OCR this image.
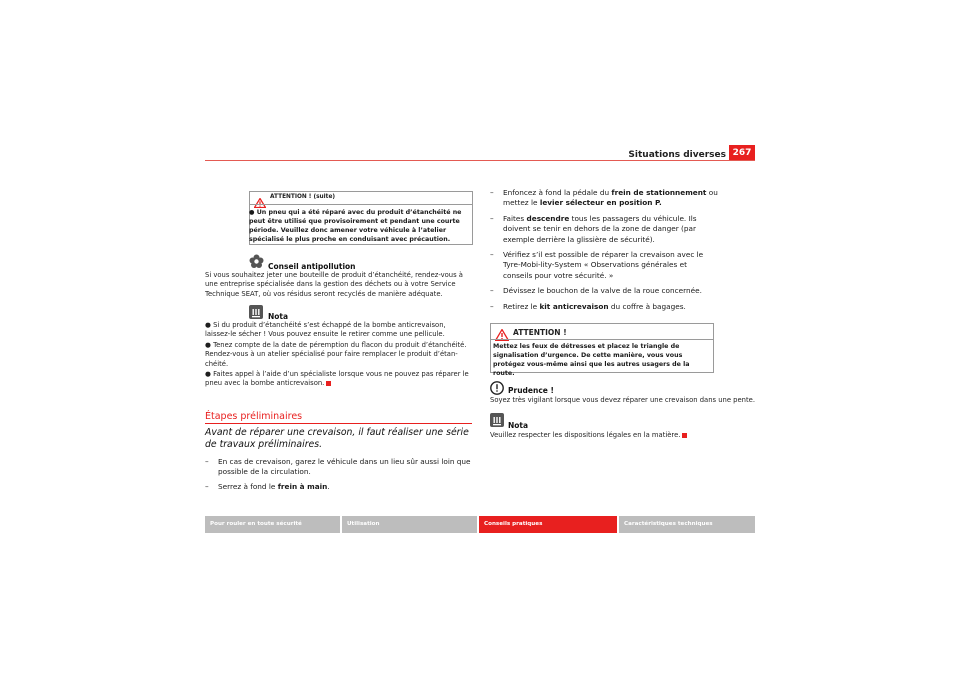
Situations diverses 267
ATTENTION ! (suite)
● Un pneu qui a été réparé avec du produit d’étanchéité ne peut être utilisé que provisoirement et pendant une courte période. Veuillez donc amener votre véhicule à l’atelier spécialisé le plus proche en conduisant avec précaution.
Conseil antipollution
Si vous souhaitez jeter une bouteille de produit d’étanchéité, rendez-vous à une entreprise spécialisée dans la gestion des déchets ou à votre Service Technique SEAT, où vos résidus seront recyclés de manière adéquate.
Nota
● Si du produit d’étanchéité s’est échappé de la bombe anticrevaison, laissez-le sécher ! Vous pouvez ensuite le retirer comme une pellicule.
● Tenez compte de la date de péremption du flacon du produit d’étanchéité. Rendez-vous à un atelier spécialisé pour faire remplacer le produit d’étan-chéité.
● Faites appel à l’aide d’un spécialiste lorsque vous ne pouvez pas réparer le pneu avec la bombe anticrevaison.
Étapes préliminaires
Avant de réparer une crevaison, il faut réaliser une série de travaux préliminaires.
– En cas de crevaison, garez le véhicule dans un lieu sûr aussi loin que possible de la circulation.
– Serrez à fond le frein à main.
– Enfoncez à fond la pédale du frein de stationnement ou mettez le levier sélecteur en position P.
– Faites descendre tous les passagers du véhicule. Ils doivent se tenir en dehors de la zone de danger (par exemple derrière la glissière de sécurité).
– Vérifiez s’il est possible de réparer la crevaison avec le Tyre-Mobi-lity-System « Observations générales et conseils pour votre sécurité. »
– Dévissez le bouchon de la valve de la roue concernée.
– Retirez le kit anticrevaison du coffre à bagages.
ATTENTION !
Mettez les feux de détresses et placez le triangle de signalisation d’urgence. De cette manière, vous vous protégez vous-même ainsi que les autres usagers de la route.
Prudence !
Soyez très vigilant lorsque vous devez réparer une crevaison dans une pente.
Nota
Veuillez respecter les dispositions légales en la matière.
Pour rouler en toute sécurité	Utilisation	Conseils pratiques	Caractéristiques techniques
